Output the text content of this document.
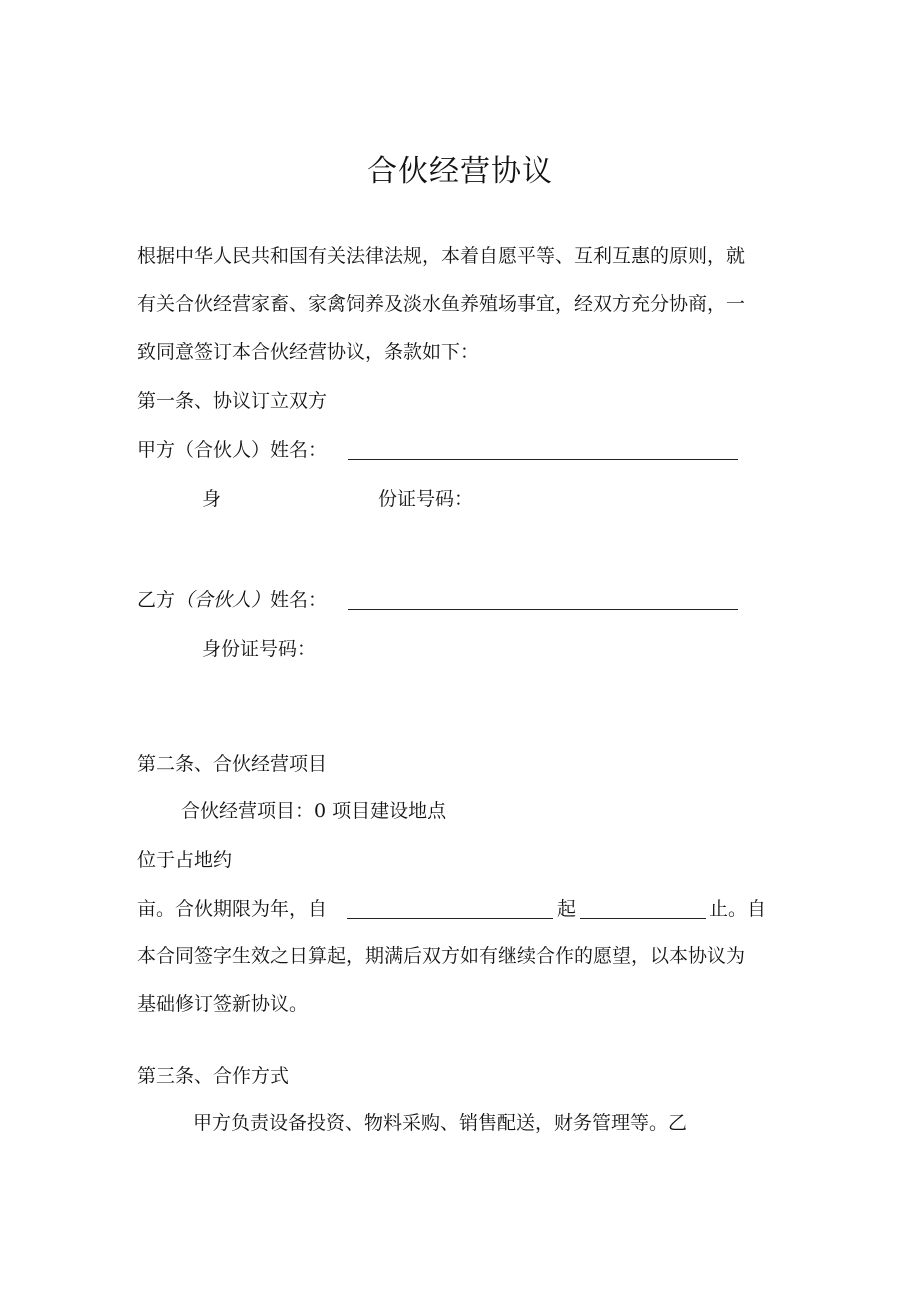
合伙经营协议
根据中华人民共和国有关法律法规，本着自愿平等、互利互惠的原则，就
有关合伙经营家畜、家禽饲养及淡水鱼养殖场事宜，经双方充分协商，一
致同意签订本合伙经营协议，条款如下：
第一条、协议订立双方
甲方（合伙人）姓名：
身	份证号码：
乙方（合伙人）姓名：
身份证号码：
第二条、合伙经营项目
合伙经营项目：0 项目建设地点
位于占地约
亩。合伙期限为年，自	起	止。自
本合同签字生效之日算起，期满后双方如有继续合作的愿望，以本协议为
基础修订签新协议。
第三条、合作方式
甲方负责设备投资、物料采购、销售配送，财务管理等。乙
